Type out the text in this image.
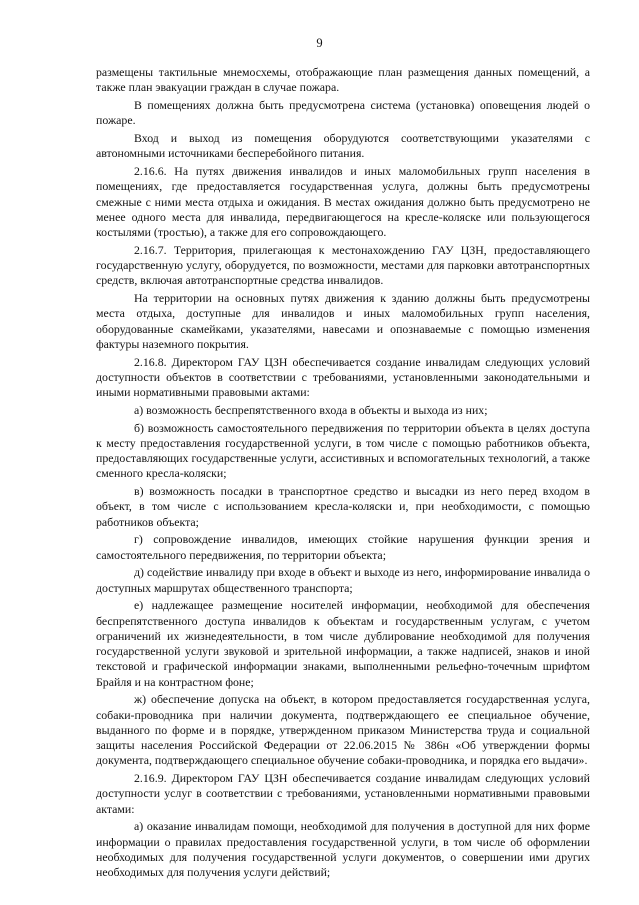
9

размещены тактильные мнемосхемы, отображающие план размещения данных помещений, а также план эвакуации граждан в случае пожара.

В помещениях должна быть предусмотрена система (установка) оповещения людей о пожаре.

Вход и выход из помещения оборудуются соответствующими указателями с автономными источниками бесперебойного питания.

2.16.6. На путях движения инвалидов и иных маломобильных групп населения в помещениях, где предоставляется государственная услуга, должны быть предусмотрены смежные с ними места отдыха и ожидания. В местах ожидания должно быть предусмотрено не менее одного места для инвалида, передвигающегося на кресле-коляске или пользующегося костылями (тростью), а также для его сопровождающего.

2.16.7. Территория, прилегающая к местонахождению ГАУ ЦЗН, предоставляющего государственную услугу, оборудуется, по возможности, местами для парковки автотранспортных средств, включая автотранспортные средства инвалидов.

На территории на основных путях движения к зданию должны быть предусмотрены места отдыха, доступные для инвалидов и иных маломобильных групп населения, оборудованные скамейками, указателями, навесами и опознаваемые с помощью изменения фактуры наземного покрытия.

2.16.8. Директором ГАУ ЦЗН обеспечивается создание инвалидам следующих условий доступности объектов в соответствии с требованиями, установленными законодательными и иными нормативными правовыми актами:

а) возможность беспрепятственного входа в объекты и выхода из них;

б) возможность самостоятельного передвижения по территории объекта в целях доступа к месту предоставления государственной услуги, в том числе с помощью работников объекта, предоставляющих государственные услуги, ассистивных и вспомогательных технологий, а также сменного кресла-коляски;

в) возможность посадки в транспортное средство и высадки из него перед входом в объект, в том числе с использованием кресла-коляски и, при необходимости, с помощью работников объекта;

г) сопровождение инвалидов, имеющих стойкие нарушения функции зрения и самостоятельного передвижения, по территории объекта;

д) содействие инвалиду при входе в объект и выходе из него, информирование инвалида о доступных маршрутах общественного транспорта;

е) надлежащее размещение носителей информации, необходимой для обеспечения беспрепятственного доступа инвалидов к объектам и государственным услугам, с учетом ограничений их жизнедеятельности, в том числе дублирование необходимой для получения государственной услуги звуковой и зрительной информации, а также надписей, знаков и иной текстовой и графической информации знаками, выполненными рельефно-точечным шрифтом Брайля и на контрастном фоне;

ж) обеспечение допуска на объект, в котором предоставляется государственная услуга, собаки-проводника при наличии документа, подтверждающего ее специальное обучение, выданного по форме и в порядке, утвержденном приказом Министерства труда и социальной защиты населения Российской Федерации от 22.06.2015 № 386н «Об утверждении формы документа, подтверждающего специальное обучение собаки-проводника, и порядка его выдачи».

2.16.9. Директором ГАУ ЦЗН обеспечивается создание инвалидам следующих условий доступности услуг в соответствии с требованиями, установленными нормативными правовыми актами:

а) оказание инвалидам помощи, необходимой для получения в доступной для них форме информации о правилах предоставления государственной услуги, в том числе об оформлении необходимых для получения государственной услуги документов, о совершении ими других необходимых для получения услуги действий;
